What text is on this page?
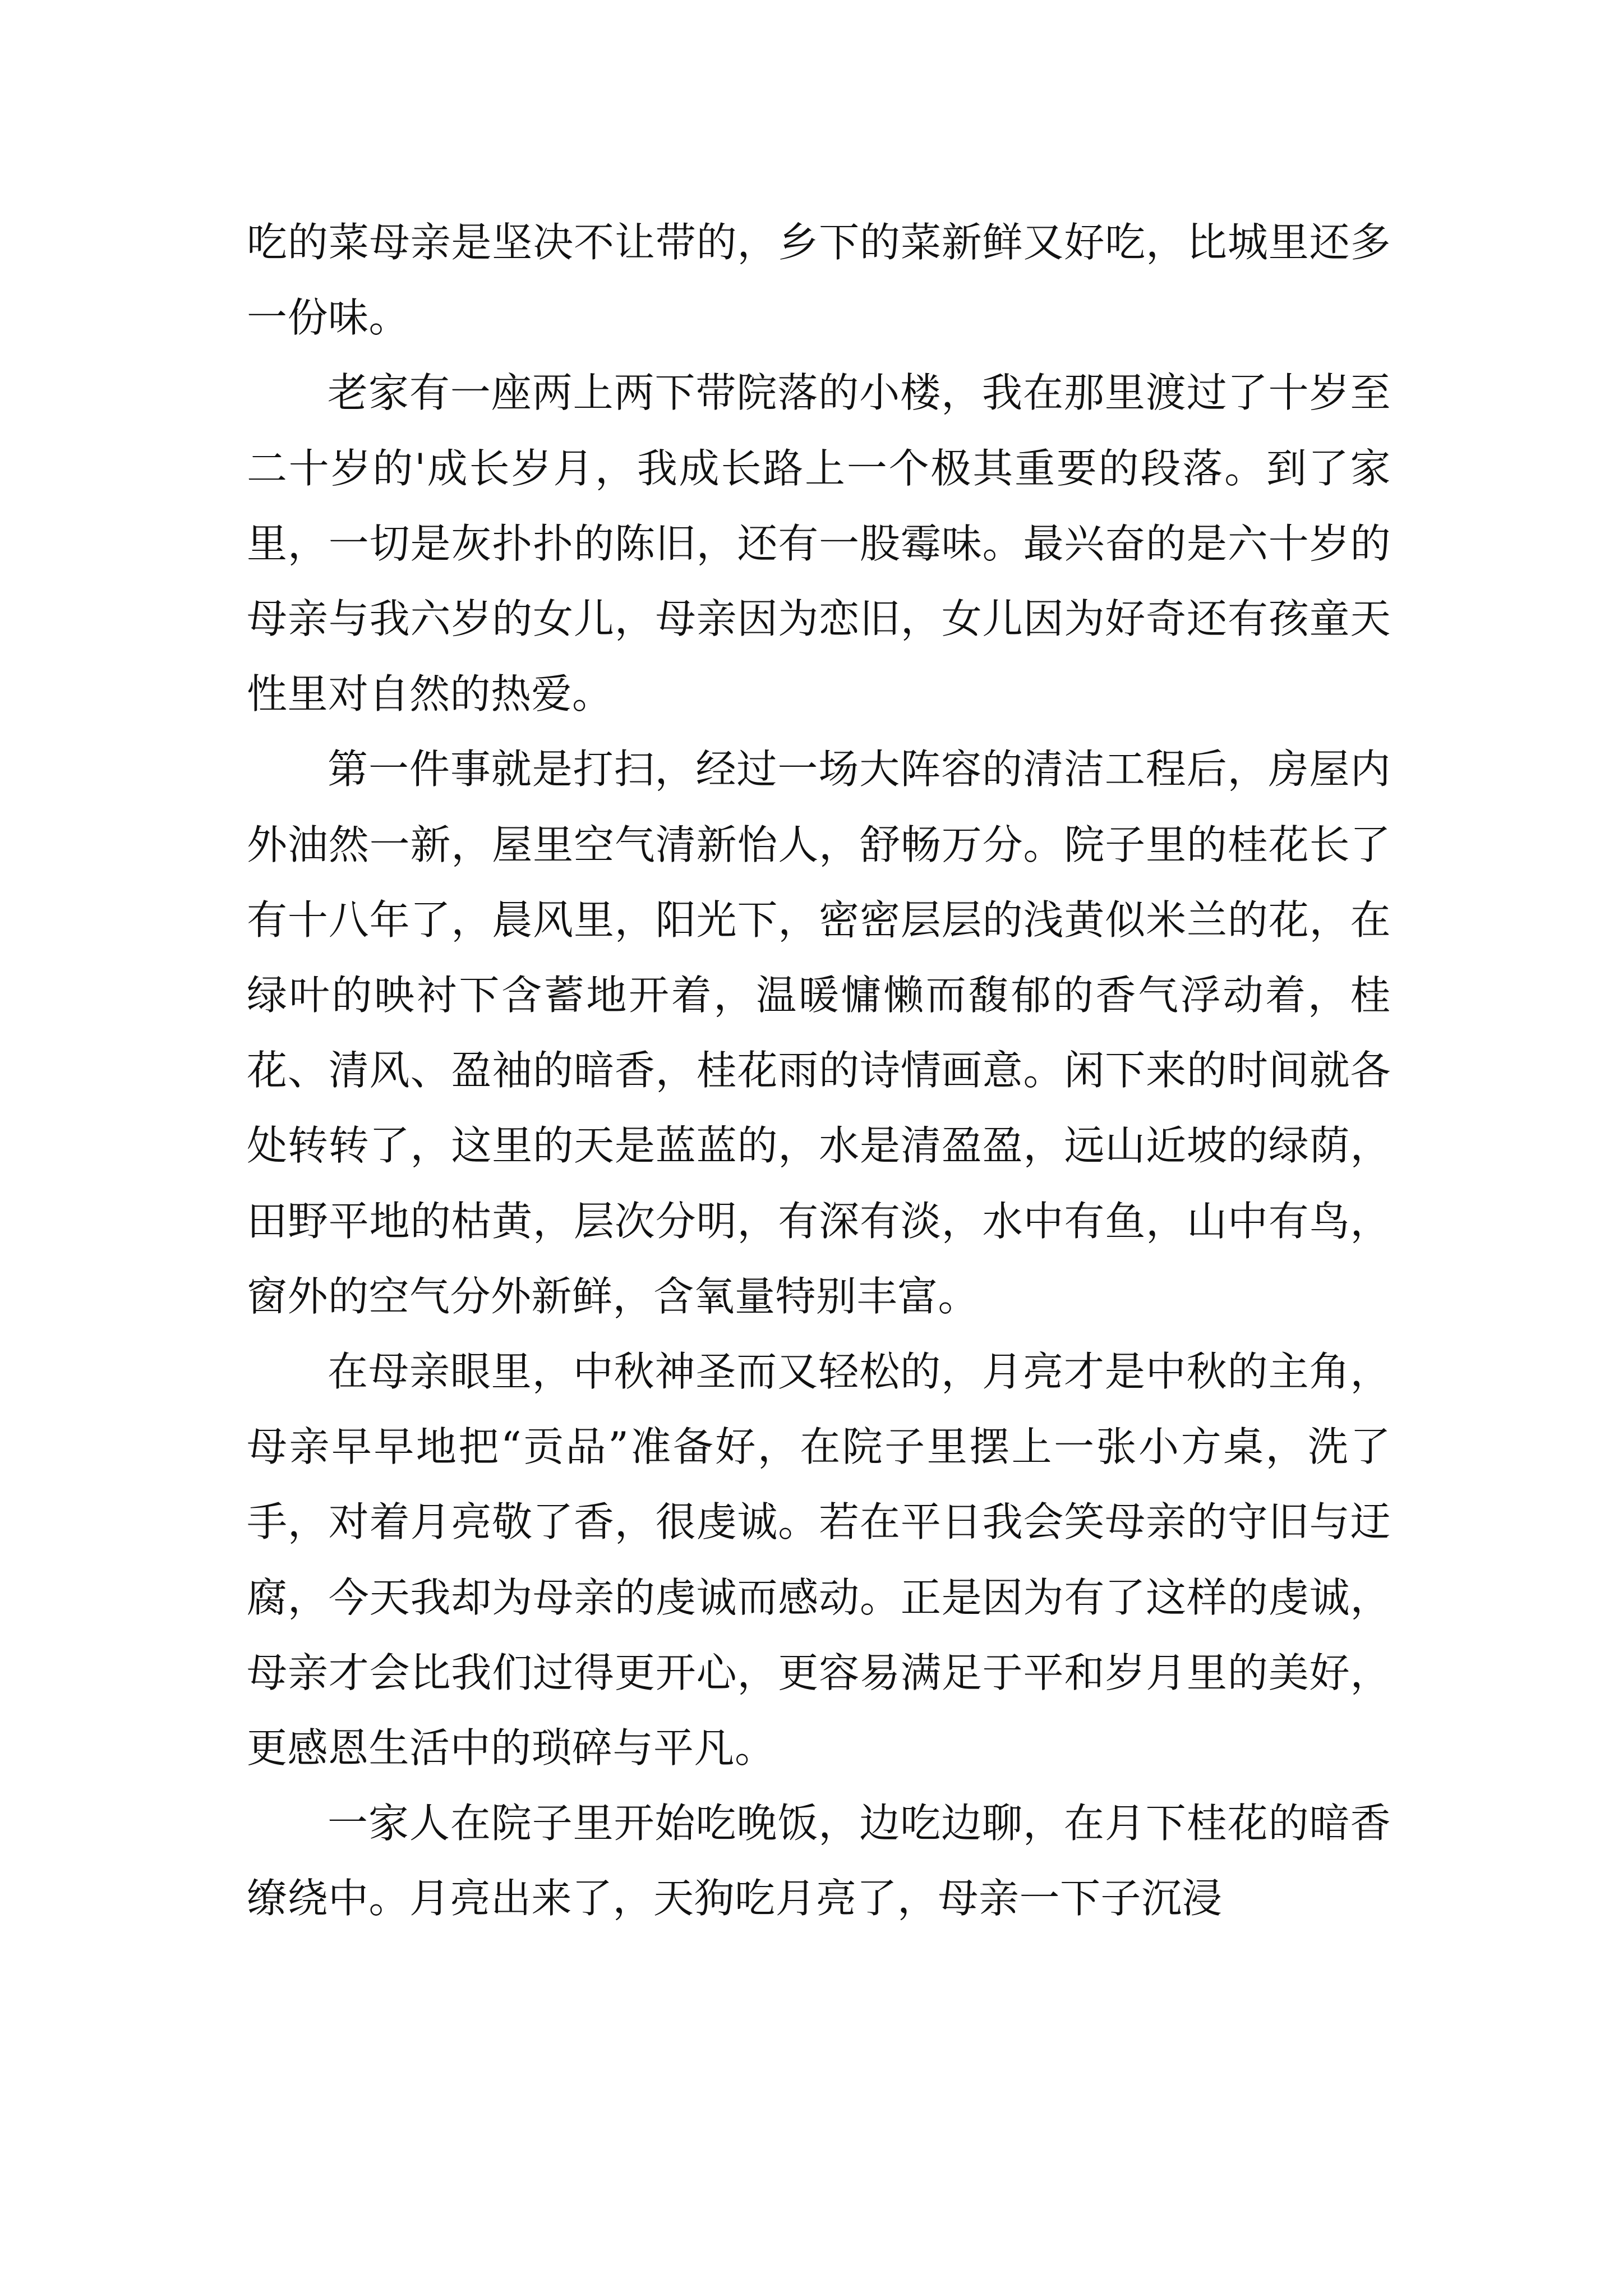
吃的菜母亲是坚决不让带的，乡下的菜新鲜又好吃，比城里还多一份味。

老家有一座两上两下带院落的小楼，我在那里渡过了十岁至二十岁的'成长岁月，我成长路上一个极其重要的段落。到了家里，一切是灰扑扑的陈旧，还有一股霉味。最兴奋的是六十岁的母亲与我六岁的女儿，母亲因为恋旧，女儿因为好奇还有孩童天性里对自然的热爱。

第一件事就是打扫，经过一场大阵容的清洁工程后，房屋内外油然一新，屋里空气清新怡人，舒畅万分。院子里的桂花长了有十八年了，晨风里，阳光下，密密层层的浅黄似米兰的花，在绿叶的映衬下含蓄地开着，温暖慵懒而馥郁的香气浮动着，桂花、清风、盈袖的暗香，桂花雨的诗情画意。闲下来的时间就各处转转了，这里的天是蓝蓝的，水是清盈盈，远山近坡的绿荫，田野平地的枯黄，层次分明，有深有淡，水中有鱼，山中有鸟，窗外的空气分外新鲜，含氧量特别丰富。

在母亲眼里，中秋神圣而又轻松的，月亮才是中秋的主角，母亲早早地把“贡品”准备好，在院子里摆上一张小方桌，洗了手，对着月亮敬了香，很虔诚。若在平日我会笑母亲的守旧与迂腐，今天我却为母亲的虔诚而感动。正是因为有了这样的虔诚，母亲才会比我们过得更开心，更容易满足于平和岁月里的美好，更感恩生活中的琐碎与平凡。

一家人在院子里开始吃晚饭，边吃边聊，在月下桂花的暗香缭绕中。月亮出来了，天狗吃月亮了，母亲一下子沉浸
